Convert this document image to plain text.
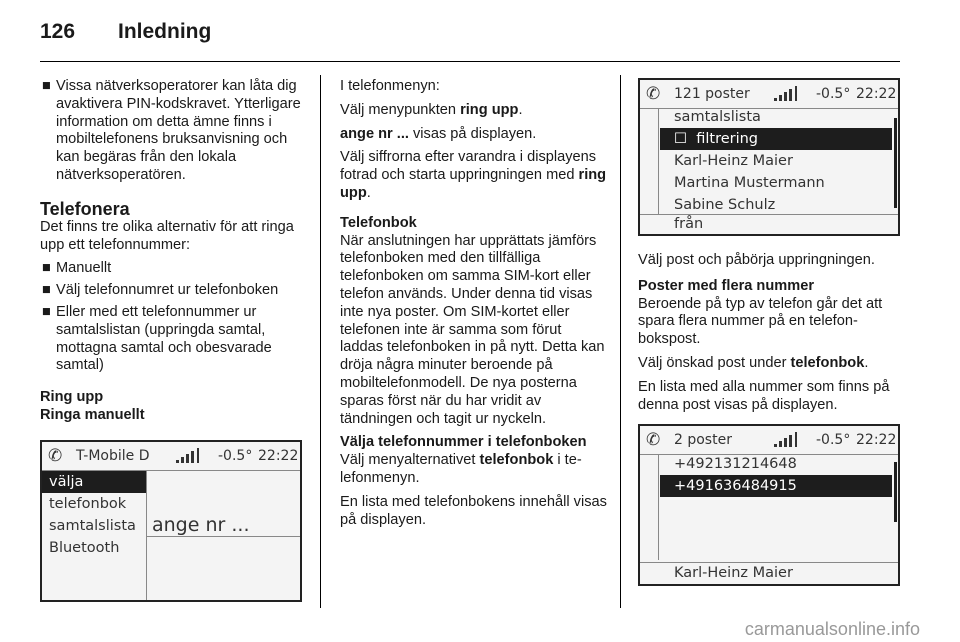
126 Inledning
■ Vissa nätverksoperatorer kan låta dig avaktivera PIN-kodskravet. Ytterligare information om detta ämne finns i mobiltelefonens bruksanvisning och kan begäras från den lokala nätverksoperatören.
Telefonera

Det finns tre olika alternativ för att ringa upp ett telefonnummer:

■ Manuellt
■ Välj telefonnumret ur telefonboken
■ Eller med ett telefonnummer ur samtalslistan (uppringda samtal, mottagna samtal och obesvarade samtal)
Ring upp
Ringa manuellt
✆ T-Mobile D	-0.5° 22:22
välja
telefonbok
samtalslista
Bluetooth
ange nr ...

I telefonmenyn:

Välj menypunkten ring upp.

ange nr ... visas på displayen.

Välj siffrorna efter varandra i displayens fotrad och starta uppringningen med ring upp.

Telefonbok

När anslutningen har upprättats jämförs telefonboken med den tillfälliga telefonboken om samma SIM-kort eller telefon används. Under denna tid visas inte nya poster. Om SIM-kortet eller telefonen inte är samma som förut laddas telefonboken in på nytt. Detta kan dröja några minuter beroende på mobiltelefonmodell. De nya posterna sparas först när du har vridit av tändningen och tagit ur nyckeln.

Välja telefonnummer i telefonboken

Välj menyalternativet telefonbok i telefonmenyn.

En lista med telefonbokens innehåll visas på displayen.

✆ 121 poster	-0.5° 22:22
samtalslista
☐ filtrering
Karl-Heinz Maier
Martina Mustermann
Sabine Schulz
från

Välj post och påbörja uppringningen.

Poster med flera nummer

Beroende på typ av telefon går det att spara flera nummer på en telefonbokspost.

Välj önskad post under telefonbok.

En lista med alla nummer som finns på denna post visas på displayen.

✆ 2 poster	-0.5° 22:22
+492131214648
+491636484915
Karl-Heinz Maier
carmanualsonline.info
